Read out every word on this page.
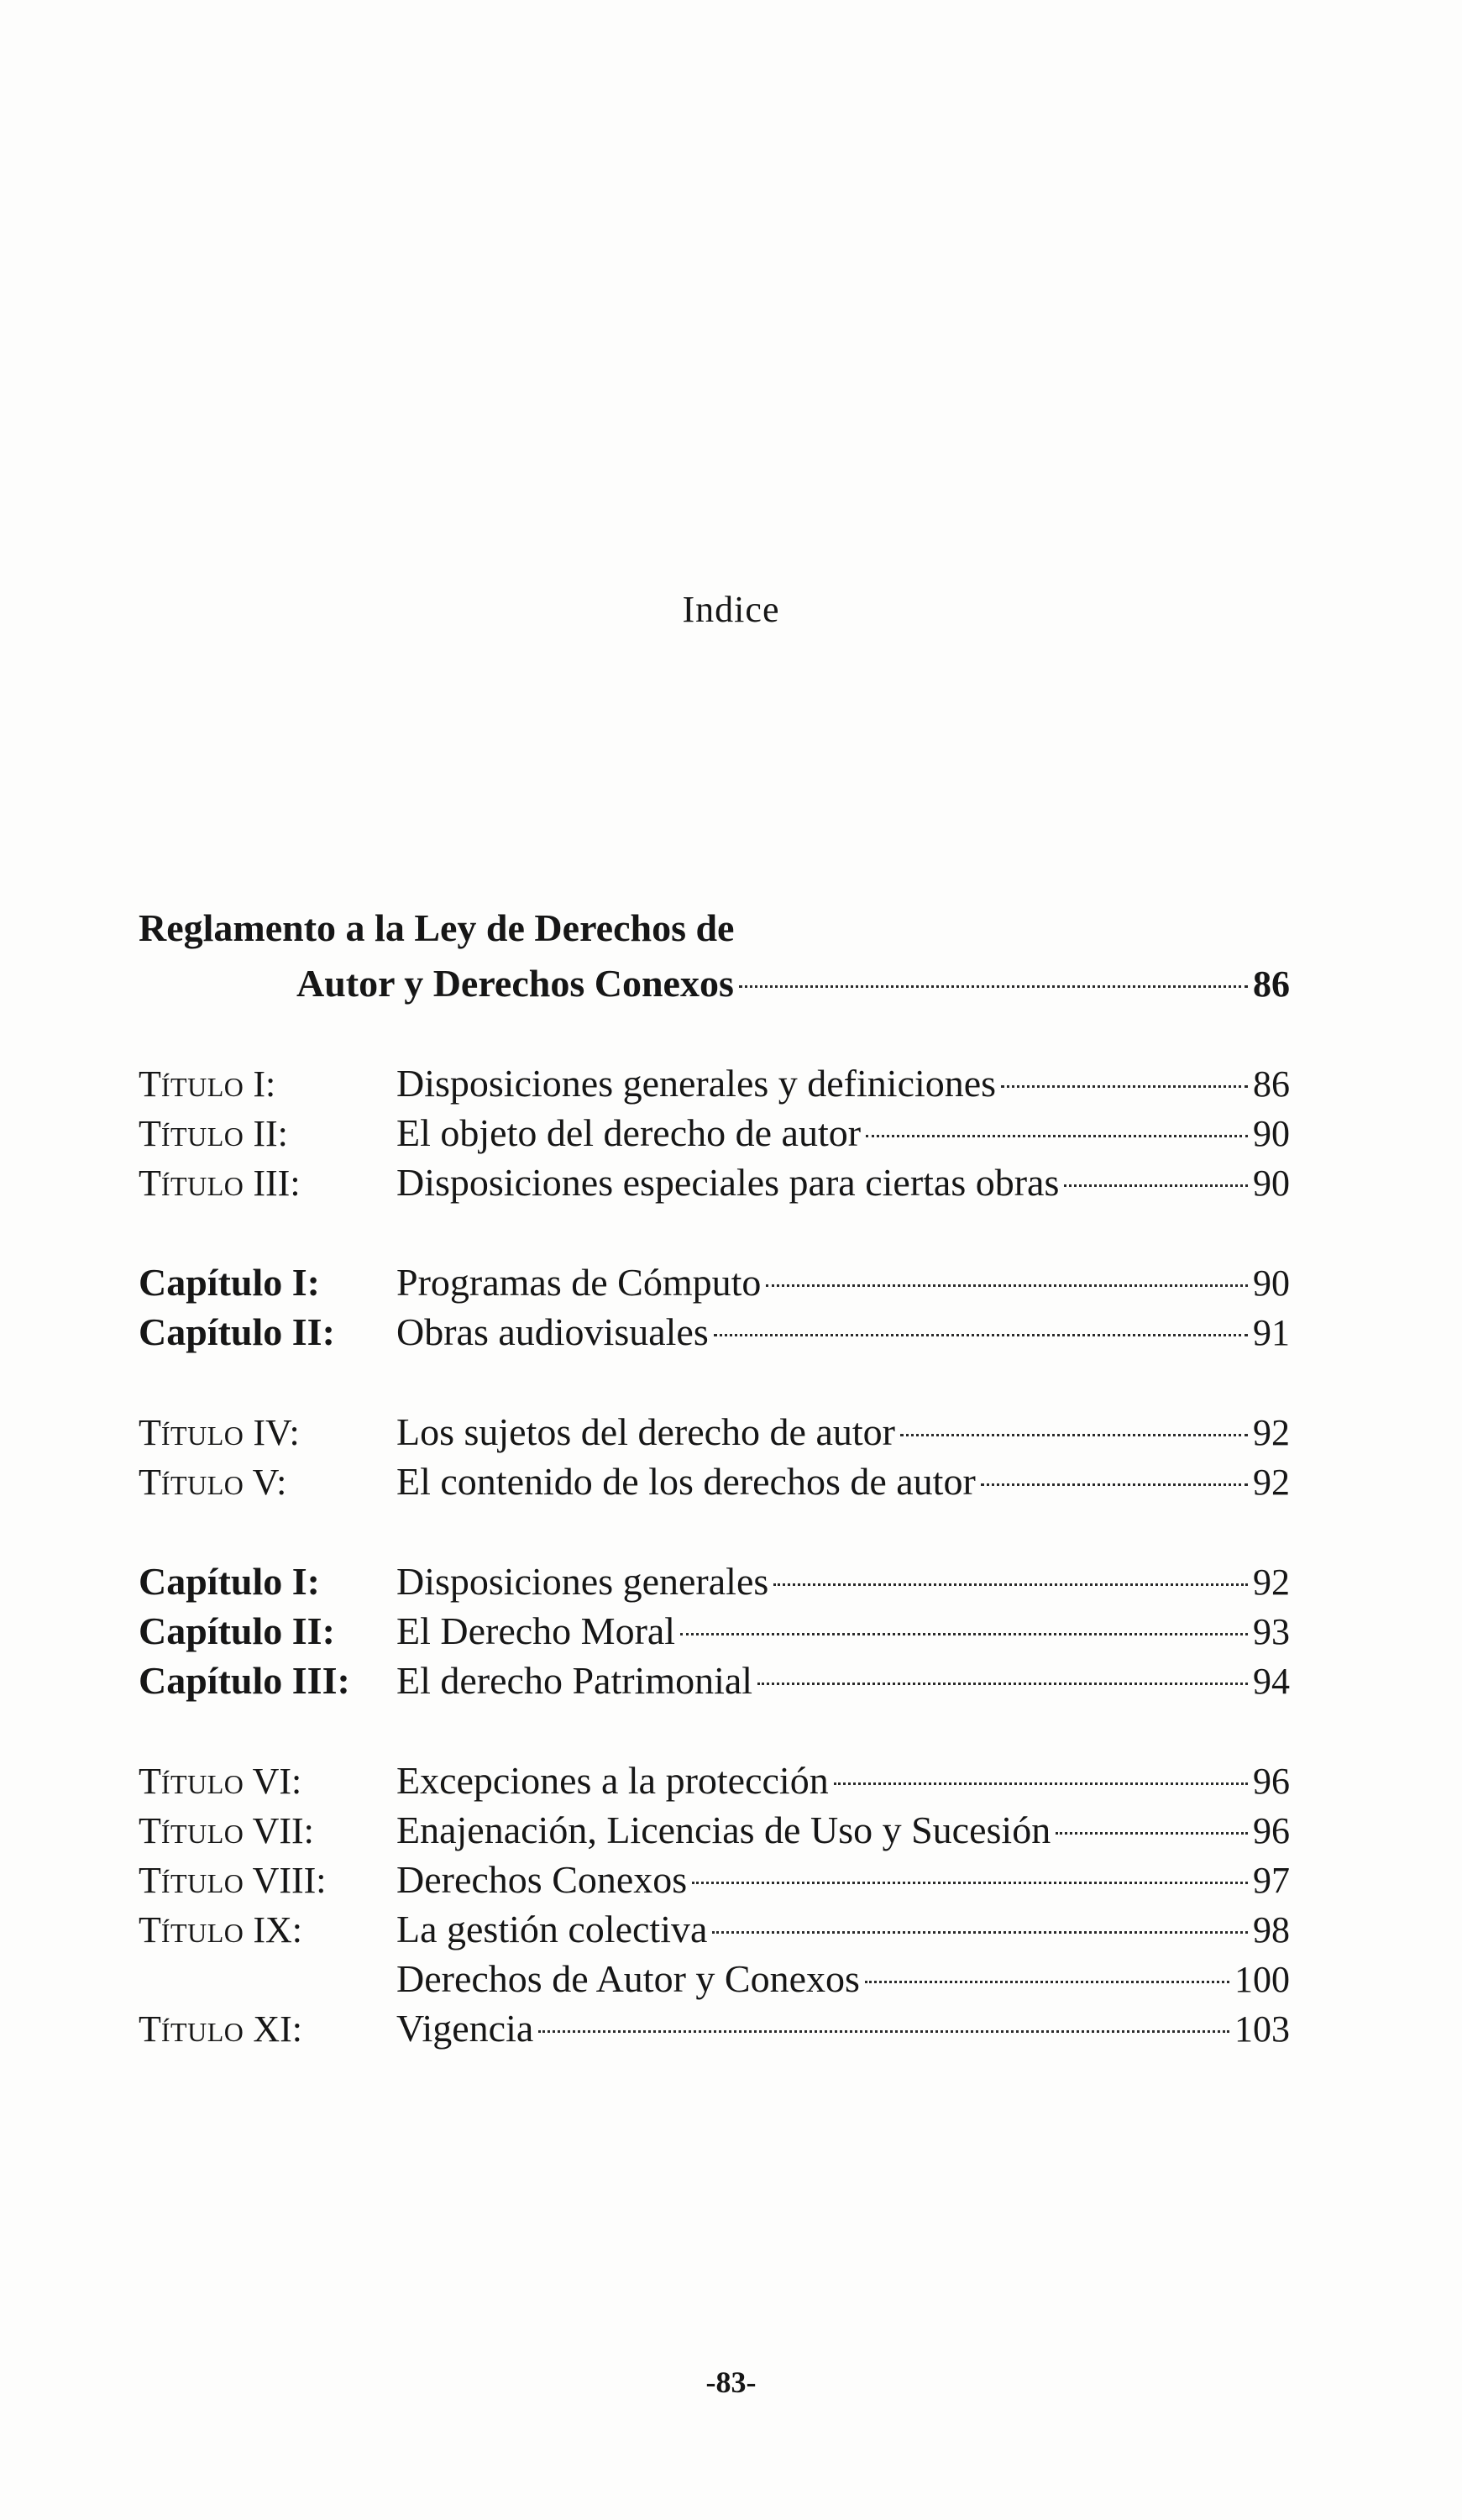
Indice
Reglamento a la Ley de Derechos de
Autor y Derechos Conexos	86
TÍTULO I:	Disposiciones generales y definiciones	86
TÍTULO II:	El objeto del derecho de autor	90
TÍTULO III:	Disposiciones especiales para ciertas obras	90
Capítulo I:	Programas de Cómputo	90
Capítulo II:	Obras audiovisuales	91
TÍTULO IV:	Los sujetos del derecho de autor	92
TÍTULO V:	El contenido de los derechos de autor	92
Capítulo I:	Disposiciones generales	92
Capítulo II:	El Derecho Moral	93
Capítulo III:	El derecho Patrimonial	94
TÍTULO VI:	Excepciones a la protección	96
TÍTULO VII:	Enajenación, Licencias de Uso y Sucesión	96
TÍTULO VIII:	Derechos Conexos	97
TÍTULO IX:	La gestión colectiva	98
Derechos de Autor y Conexos	100
TÍTULO XI:	Vigencia	103
-83-
